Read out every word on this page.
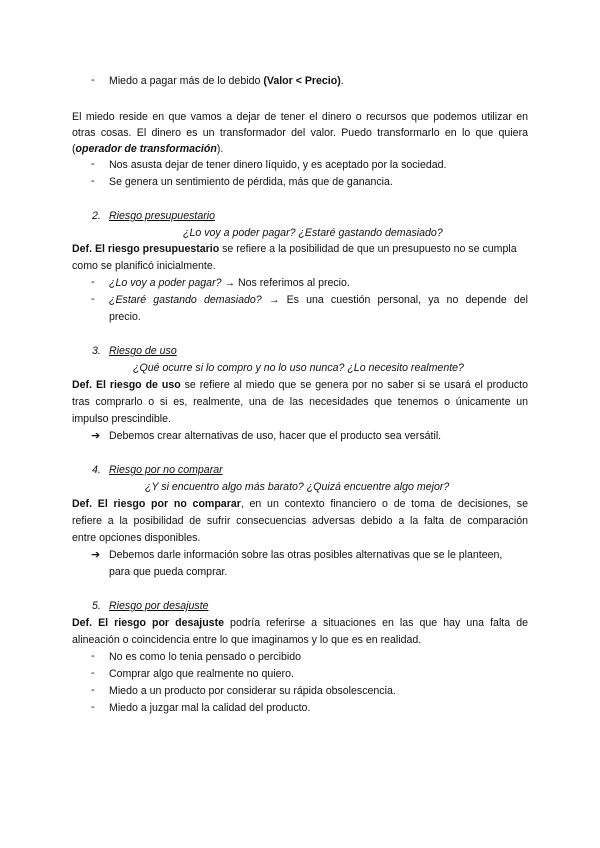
-	Miedo a pagar más de lo debido (Valor < Precio).
El miedo reside en que vamos a dejar de tener el dinero o recursos que podemos utilizar en
otras cosas. El dinero es un transformador del valor. Puedo transformarlo en lo que quiera
(operador de transformación).
-	Nos asusta dejar de tener dinero líquido, y es aceptado por la sociedad.
-	Se genera un sentimiento de pérdida, más que de ganancia.
2. Riesgo presupuestario
¿Lo voy a poder pagar? ¿Estaré gastando demasiado?
Def. El riesgo presupuestario se refiere a la posibilidad de que un presupuesto no se cumpla
como se planificó inicialmente.
-	¿Lo voy a poder pagar? → Nos referimos al precio.
-	¿Estaré gastando demasiado? → Es una cuestión personal, ya no depende del
precio.
3. Riesgo de uso
¿Qué ocurre si lo compro y no lo uso nunca? ¿Lo necesito realmente?
Def. El riesgo de uso se refiere al miedo que se genera por no saber si se usará el producto
tras comprarlo o si es, realmente, una de las necesidades que tenemos o únicamente un
impulso prescindible.
➔ Debemos crear alternativas de uso, hacer que el producto sea versátil.
4. Riesgo por no comparar
¿Y si encuentro algo más barato? ¿Quizá encuentre algo mejor?
Def. El riesgo por no comparar, en un contexto financiero o de toma de decisiones, se
refiere a la posibilidad de sufrir consecuencias adversas debido a la falta de comparación
entre opciones disponibles.
➔ Debemos darle información sobre las otras posibles alternativas que se le planteen,
para que pueda comprar.
5. Riesgo por desajuste
Def. El riesgo por desajuste podría referirse a situaciones en las que hay una falta de
alineación o coincidencia entre lo que imaginamos y lo que es en realidad.
-	No es como lo tenia pensado o percibido
-	Comprar algo que realmente no quiero.
-	Miedo a un producto por considerar su rápida obsolescencia.
-	Miedo a juzgar mal la calidad del producto.
